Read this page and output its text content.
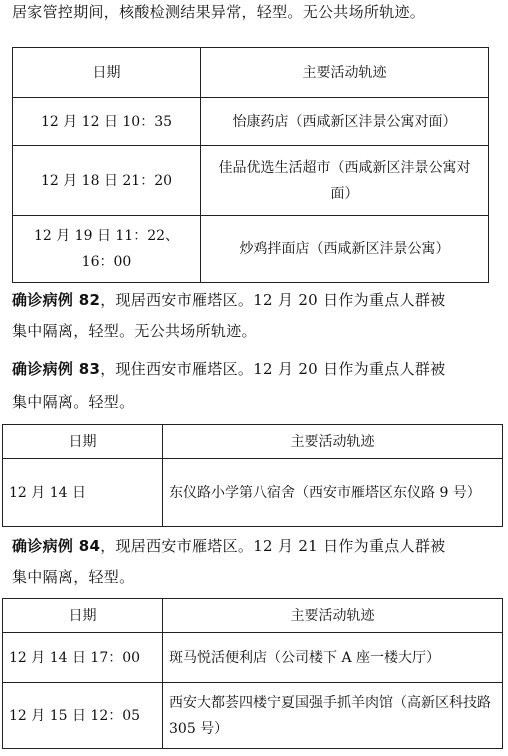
居家管控期间，核酸检测结果异常，轻型。无公共场所轨迹。
日期	主要活动轨迹
12 月 12 日 10：35	怡康药店（西咸新区沣景公寓对面）
12 月 18 日 21：20	佳品优选生活超市（西咸新区沣景公寓对面）
12 月 19 日 11：22、16：00	炒鸡拌面店（西咸新区沣景公寓）
确诊病例 82，现居西安市雁塔区。12 月 20 日作为重点人群被
集中隔离，轻型。无公共场所轨迹。
确诊病例 83，现住西安市雁塔区。12 月 20 日作为重点人群被
集中隔离。轻型。
日期	主要活动轨迹
12 月 14 日	东仪路小学第八宿舍（西安市雁塔区东仪路 9 号）
确诊病例 84，现居西安市雁塔区。12 月 21 日作为重点人群被
集中隔离，轻型。
日期	主要活动轨迹
12 月 14 日 17：00	斑马悦活便利店（公司楼下 A 座一楼大厅）
12 月 15 日 12：05	西安大都荟四楼宁夏国强手抓羊肉馆（高新区科技路 305 号）
